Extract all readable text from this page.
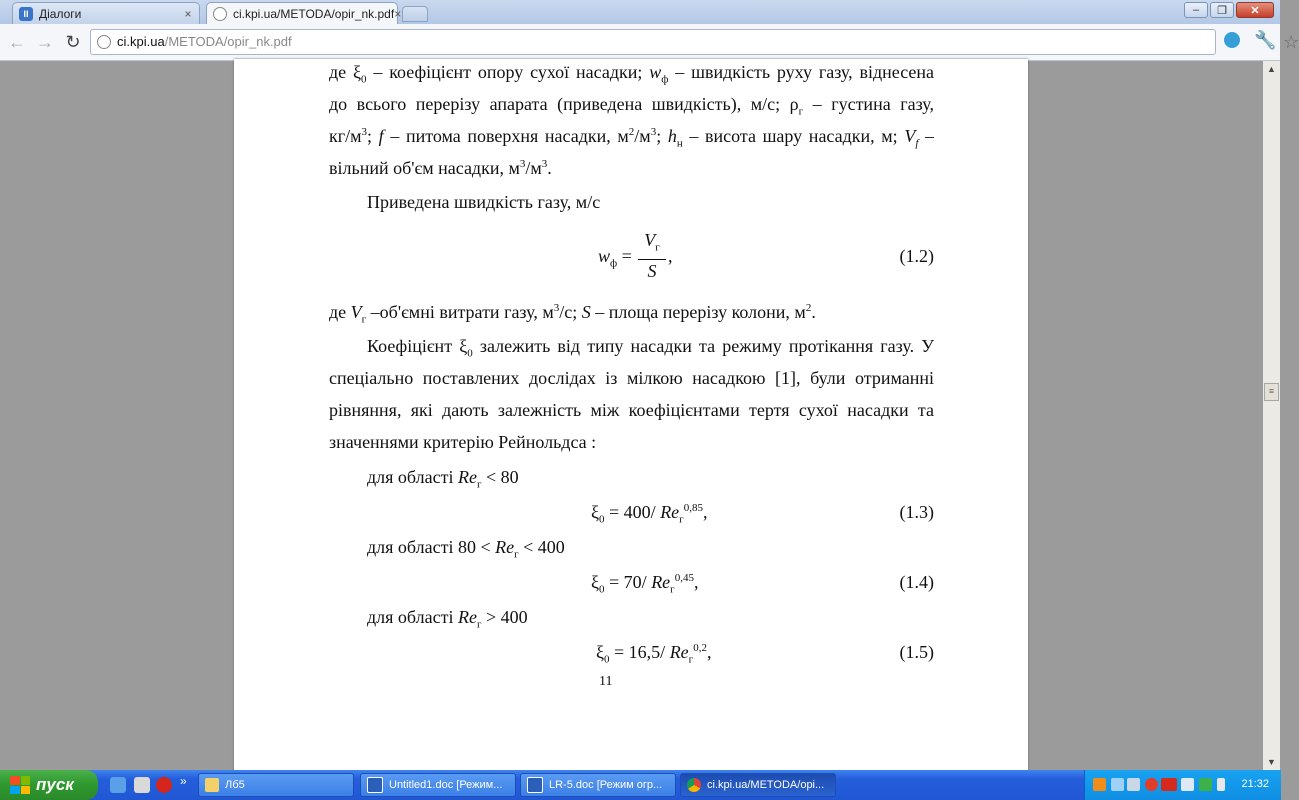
II Діалоги	×	ci.kpi.ua/METODA/opir_nk.pdf ×	–	❐	✕
← → ↻	ci.kpi.ua/METODA/opir_nk.pdf	☆
🔧
де $\xi_0$ – коефіцієнт опору сухої насадки; $w_ф$ – швидкість руху газу, віднесена
до всього перерізу апарата (приведена швидкість), м/с; $\rho_г$ – густина газу,
$кг/м^3$; f – питома поверхня насадки, $м^2/м^3$; $h_н$ – висота шару насадки, м; $V_f$ –
вільний об'єм насадки, $м^3/м^3$.
Приведена швидкість газу, м/с
$w_ф$ = ,	(1.2)
$V_г$
S
де $V_г$ –об'ємні витрати газу, $м^3/с$; S – площа перерізу колони, $м^2$.
Коефіцієнт $\xi_0$ залежить від типу насадки та режиму протікання газу. У
спеціально поставлених дослідах із мілкою насадкою [1], були отриманні
рівняння, які дають залежність між коефіцієнтами тертя сухої насадки та
значеннями критерію Рейнольдса :
для області $Re_г < 80$
$\xi_0 = 400/$ $Re_г^{0,85}$,	(1.3)
для області $80 < Re_г < 400$
$\xi_0 = 70/$ $Re_г^{0,45}$,	(1.4)
для області $Re_г > 400$
$\xi_0 = 16,5/$ $Re_г^{0,2}$,	(1.5)
11
▲
≡
▼
пуск	»	Лб5	Untitled1.doc [Режим...	LR-5.doc [Режим огр...	ci.kpi.ua/METODA/opi...	21:32
